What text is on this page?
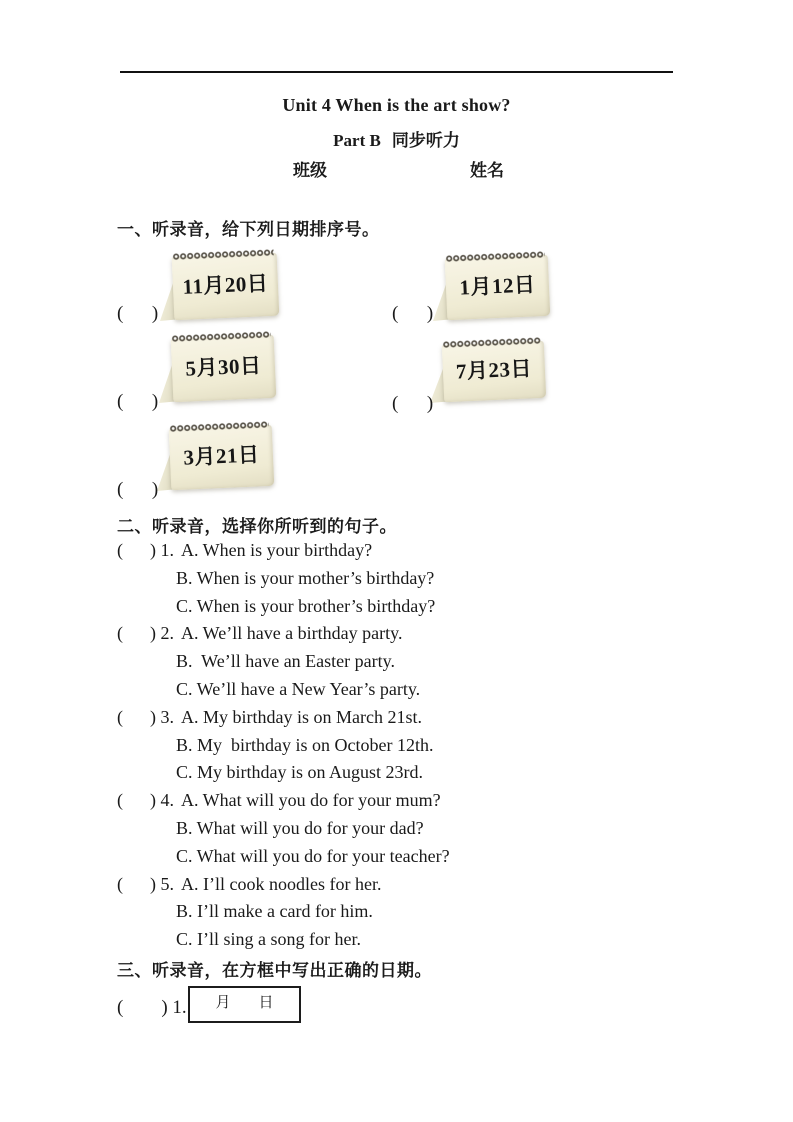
Unit 4 When is the art show?
Part B 同步听力
班级	姓名
一、听录音，给下列日期排序号。
11月20日	1月12日
5月30日	7月23日
3月21日
(      )	(      )
(      )	(      )
(      )
二、听录音，选择你所听到的句子。
(      ) 1. A. When is your birthday?
B. When is your mother’s birthday?
C. When is your brother’s birthday?
(      ) 2. A. We’ll have a birthday party.
B.  We’ll have an Easter party.
C. We’ll have a New Year’s party.
(      ) 3. A. My birthday is on March 21st.
B. My  birthday is on October 12th.
C. My birthday is on August 23rd.
(      ) 4. A. What will you do for your mum?
B. What will you do for your dad?
C. What will you do for your teacher?
(      ) 5. A. I’ll cook noodles for her.
B. I’ll make a card for him.
C. I’ll sing a song for her.
三、听录音，在方框中写出正确的日期。
(        ) 1. 月 日
